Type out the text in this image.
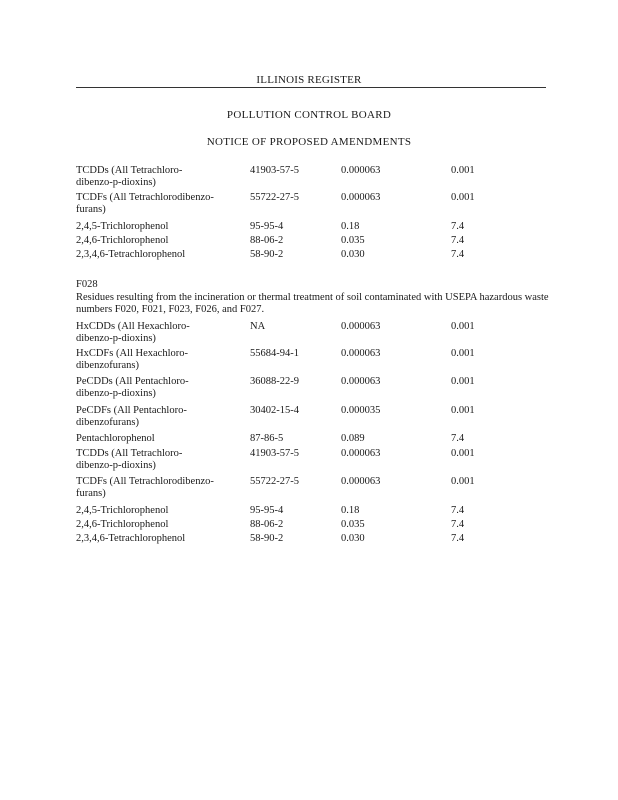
ILLINOIS REGISTER
POLLUTION CONTROL BOARD
NOTICE OF PROPOSED AMENDMENTS
TCDDs (All Tetrachloro-	41903-57-5	0.000063	0.001
dibenzo-p-dioxins)
TCDFs (All Tetrachlorodibenzo-	55722-27-5	0.000063	0.001
furans)
2,4,5-Trichlorophenol	95-95-4	0.18	7.4
2,4,6-Trichlorophenol	88-06-2	0.035	7.4
2,3,4,6-Tetrachlorophenol	58-90-2	0.030	7.4
F028
Residues resulting from the incineration or thermal treatment of soil contaminated with USEPA hazardous waste numbers F020, F021, F023, F026, and F027.
HxCDDs (All Hexachloro-	NA	0.000063	0.001
dibenzo-p-dioxins)
HxCDFs (All Hexachloro-	55684-94-1	0.000063	0.001
dibenzofurans)
PeCDDs (All Pentachloro-	36088-22-9	0.000063	0.001
dibenzo-p-dioxins)
PeCDFs (All Pentachloro-	30402-15-4	0.000035	0.001
dibenzofurans)
Pentachlorophenol	87-86-5	0.089	7.4
TCDDs (All Tetrachloro-	41903-57-5	0.000063	0.001
dibenzo-p-dioxins)
TCDFs (All Tetrachlorodibenzo-	55722-27-5	0.000063	0.001
furans)
2,4,5-Trichlorophenol	95-95-4	0.18	7.4
2,4,6-Trichlorophenol	88-06-2	0.035	7.4
2,3,4,6-Tetrachlorophenol	58-90-2	0.030	7.4
